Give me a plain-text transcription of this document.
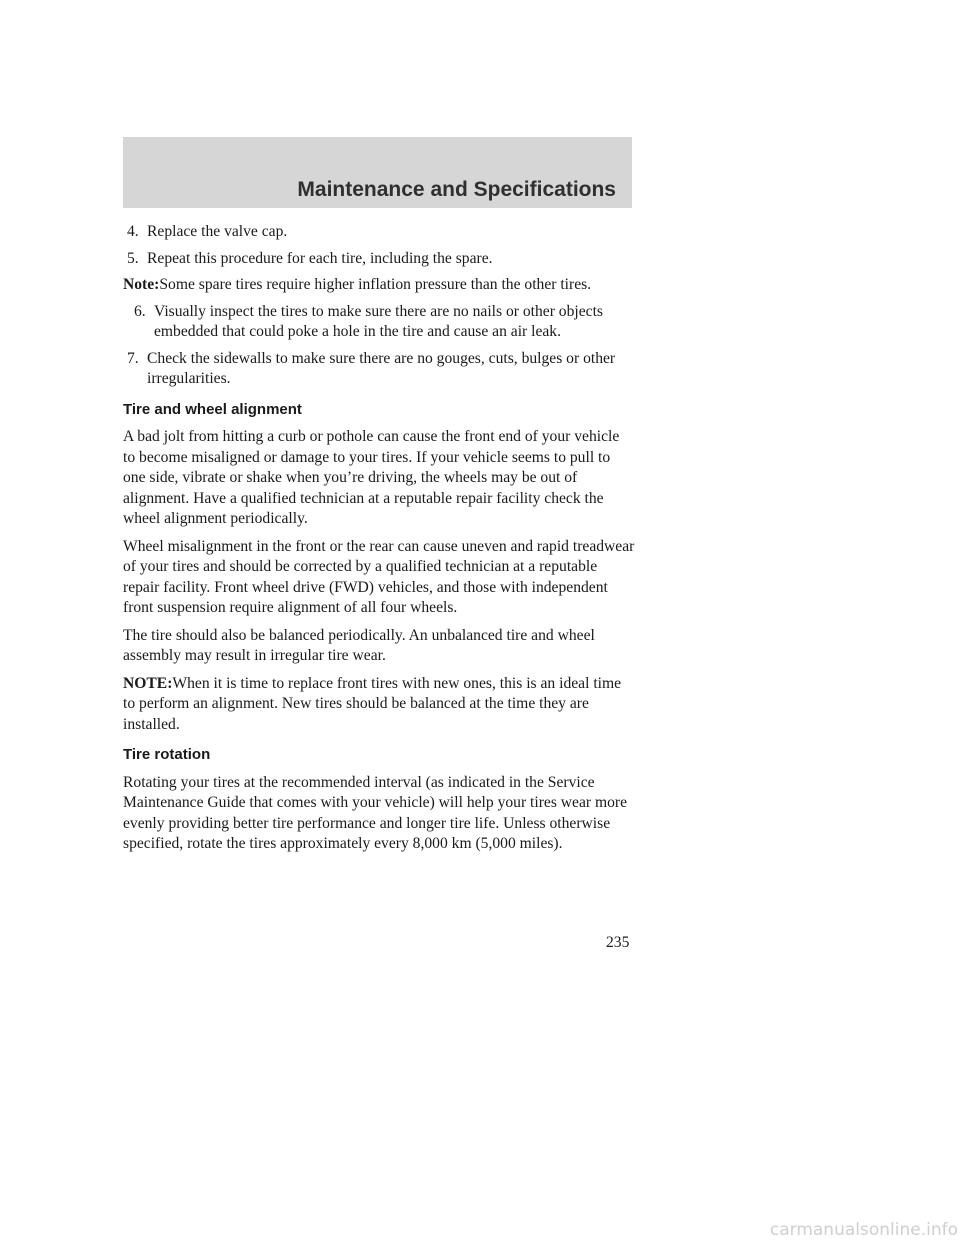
Maintenance and Specifications
4. Replace the valve cap.
5. Repeat this procedure for each tire, including the spare.

Note:Some spare tires require higher inflation pressure than the other tires.

6. Visually inspect the tires to make sure there are no nails or other objects embedded that could poke a hole in the tire and cause an air leak.
7. Check the sidewalls to make sure there are no gouges, cuts, bulges or other irregularities.

Tire and wheel alignment

A bad jolt from hitting a curb or pothole can cause the front end of your vehicle to become misaligned or damage to your tires. If your vehicle seems to pull to one side, vibrate or shake when you’re driving, the wheels may be out of alignment. Have a qualified technician at a reputable repair facility check the wheel alignment periodically.

Wheel misalignment in the front or the rear can cause uneven and rapid treadwear of your tires and should be corrected by a qualified technician at a reputable repair facility. Front wheel drive (FWD) vehicles, and those with independent front suspension require alignment of all four wheels.

The tire should also be balanced periodically. An unbalanced tire and wheel assembly may result in irregular tire wear.

NOTE:When it is time to replace front tires with new ones, this is an ideal time to perform an alignment. New tires should be balanced at the time they are installed.

Tire rotation

Rotating your tires at the recommended interval (as indicated in the Service Maintenance Guide that comes with your vehicle) will help your tires wear more evenly providing better tire performance and longer tire life. Unless otherwise specified, rotate the tires approximately every 8,000 km (5,000 miles).

235
carmanualsonline.info
